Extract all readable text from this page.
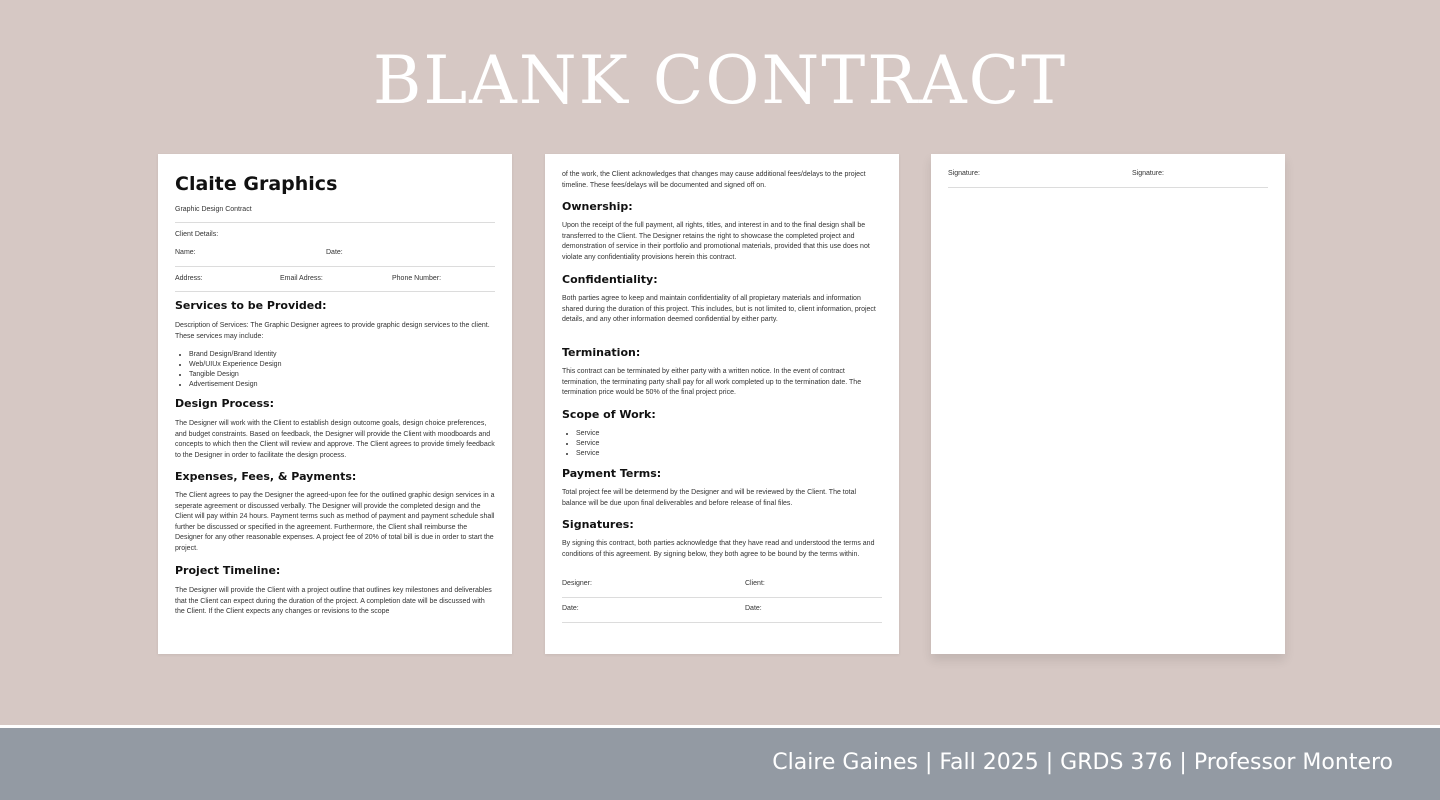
BLANK CONTRACT
Claite Graphics
Graphic Design Contract
Client Details:
Name:	Date:
Address:	Email Adress:	Phone Number:
Services to be Provided:

Description of Services: The Graphic Designer agrees to provide graphic design services to the client. These services may include:

• Brand Design/Brand Identity
• Web/UIUx Experience Design
• Tangible Design
• Advertisement Design
Design Process:

The Designer will work with the Client to establish design outcome goals, design choice preferences, and budget constraints. Based on feedback, the Designer will provide the Client with moodboards and concepts to which then the Client will review and approve. The Client agrees to provide timely feedback to the Designer in order to facilitate the design process.

Expenses, Fees, & Payments:

The Client agrees to pay the Designer the agreed-upon fee for the outlined graphic design services in a seperate agreement or discussed verbally. The Designer will provide the completed design and the Client will pay within 24 hours. Payment terms such as method of payment and payment schedule shall further be discussed or specified in the agreement. Furthermore, the Client shall reimburse the Designer for any other reasonable expenses. A project fee of 20% of total bill is due in order to start the project.

Project Timeline:

The Designer will provide the Client with a project outline that outlines key milestones and deliverables that the Client can expect during the duration of the project. A completion date will be discussed with the Client. If the Client expects any changes or revisions to the scope

of the work, the Client acknowledges that changes may cause additional fees/delays to the project timeline. These fees/delays will be documented and signed off on.

Ownership:

Upon the receipt of the full payment, all rights, titles, and interest in and to the final design shall be transferred to the Client. The Designer retains the right to showcase the completed project and demonstration of service in their portfolio and promotional materials, provided that this use does not violate any confidentiality provisions herein this contract.

Confidentiality:

Both parties agree to keep and maintain confidentiality of all propietary materials and information shared during the duration of this project. This includes, but is not limited to, client information, project details, and any other information deemed confidential by either party.

Termination:

This contract can be terminated by either party with a written notice. In the event of contract termination, the terminating party shall pay for all work completed up to the termination date. The termination price would be 50% of the final project price.

Scope of Work:
• Service
• Service
• Service
Payment Terms:

Total project fee will be determend by the Designer and will be reviewed by the Client. The total balance will be due upon final deliverables and before release of final files.

Signatures:

By signing this contract, both parties acknowledge that they have read and understood the terms and conditions of this agreement. By signing below, they both agree to be bound by the terms within.

Designer:	Client:
Date:	Date:
Signature:	Signature:
Claire Gaines | Fall 2025 | GRDS 376 | Professor Montero
